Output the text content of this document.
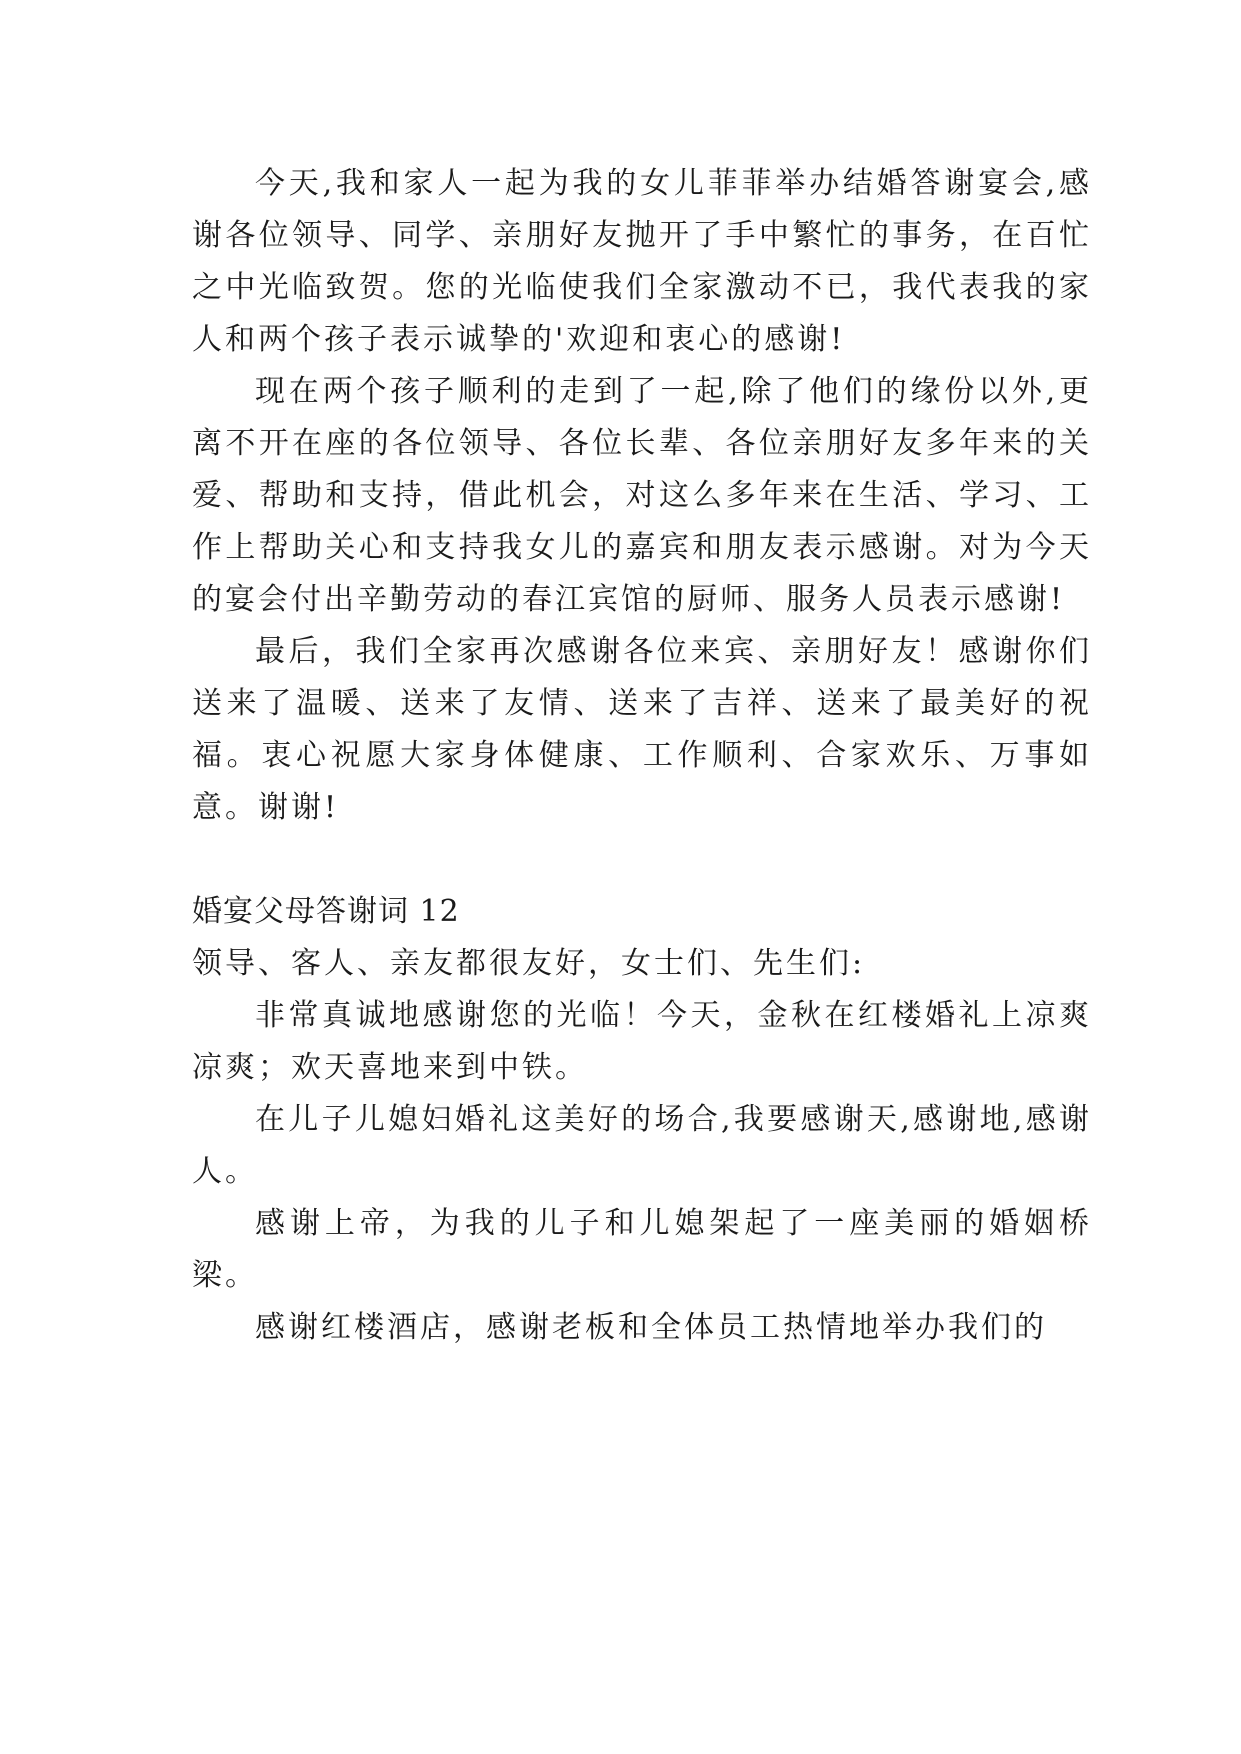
今天,我和家人一起为我的女儿菲菲举办结婚答谢宴会,感谢各位领导、同学、亲朋好友抛开了手中繁忙的事务，在百忙之中光临致贺。您的光临使我们全家激动不已，我代表我的家人和两个孩子表示诚挚的'欢迎和衷心的感谢!

现在两个孩子顺利的走到了一起,除了他们的缘份以外,更离不开在座的各位领导、各位长辈、各位亲朋好友多年来的关爱、帮助和支持，借此机会，对这么多年来在生活、学习、工作上帮助关心和支持我女儿的嘉宾和朋友表示感谢。对为今天的宴会付出辛勤劳动的春江宾馆的厨师、服务人员表示感谢!

最后，我们全家再次感谢各位来宾、亲朋好友！感谢你们送来了温暖、送来了友情、送来了吉祥、送来了最美好的祝福。衷心祝愿大家身体健康、工作顺利、合家欢乐、万事如意。谢谢!

婚宴父母答谢词 12

领导、客人、亲友都很友好，女士们、先生们:

非常真诚地感谢您的光临！今天，金秋在红楼婚礼上凉爽凉爽；欢天喜地来到中铁。

在儿子儿媳妇婚礼这美好的场合,我要感谢天,感谢地,感谢人。

感谢上帝，为我的儿子和儿媳架起了一座美丽的婚姻桥梁。

感谢红楼酒店，感谢老板和全体员工热情地举办我们的
